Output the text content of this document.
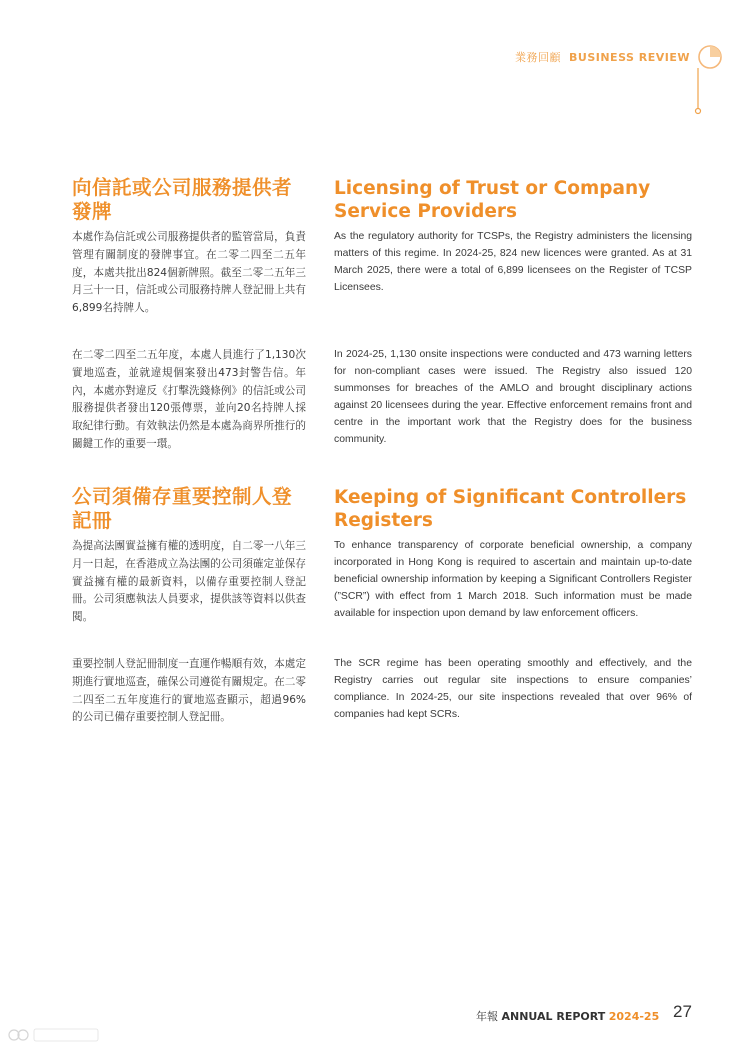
業務回顧 BUSINESS REVIEW
向信託或公司服務提供者發牌
Licensing of Trust or Company Service Providers

本處作為信託或公司服務提供者的監管當局，負責管理有關制度的發牌事宜。在二零二四至二五年度，本處共批出824個新牌照。截至二零二五年三月三十一日，信託或公司服務持牌人登記冊上共有6,899名持牌人。

As the regulatory authority for TCSPs, the Registry administers the licensing matters of this regime. In 2024-25, 824 new licences were granted. As at 31 March 2025, there were a total of 6,899 licensees on the Register of TCSP Licensees.

在二零二四至二五年度，本處人員進行了1,130次實地巡查，並就違規個案發出473封警告信。年內，本處亦對違反《打擊洗錢條例》的信託或公司服務提供者發出120張傳票，並向20名持牌人採取紀律行動。有效執法仍然是本處為商界所推行的關鍵工作的重要一環。

In 2024-25, 1,130 onsite inspections were conducted and 473 warning letters for non-compliant cases were issued. The Registry also issued 120 summonses for breaches of the AMLO and brought disciplinary actions against 20 licensees during the year. Effective enforcement remains front and centre in the important work that the Registry does for the business community.

公司須備存重要控制人登記冊
Keeping of Significant Controllers Registers

為提高法團實益擁有權的透明度，自二零一八年三月一日起，在香港成立為法團的公司須確定並保存實益擁有權的最新資料，以備存重要控制人登記冊。公司須應執法人員要求，提供該等資料以供查閱。

To enhance transparency of corporate beneficial ownership, a company incorporated in Hong Kong is required to ascertain and maintain up-to-date beneficial ownership information by keeping a Significant Controllers Register (”SCR”) with effect from 1 March 2018. Such information must be made available for inspection upon demand by law enforcement officers.

重要控制人登記冊制度一直運作暢順有效，本處定期進行實地巡查，確保公司遵從有關規定。在二零二四至二五年度進行的實地巡查顯示，超過96%的公司已備存重要控制人登記冊。

The SCR regime has been operating smoothly and effectively, and the Registry carries out regular site inspections to ensure companies’ compliance. In 2024-25, our site inspections revealed that over 96% of companies had kept SCRs.

年報 ANNUAL REPORT 2024-25 27
